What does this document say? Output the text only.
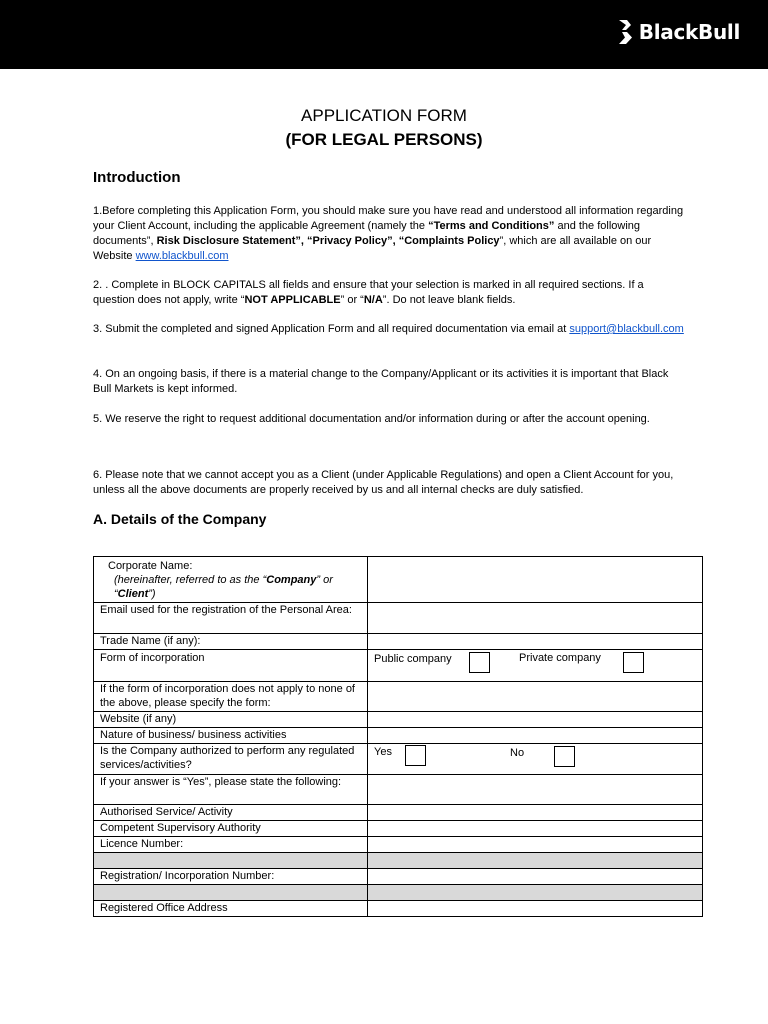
BlackBull
APPLICATION FORM
(FOR LEGAL PERSONS)
Introduction
1.Before completing this Application Form, you should make sure you have read and understood all information regarding your Client Account, including the applicable Agreement (namely the “Terms and Conditions” and the following documents”, Risk Disclosure Statement”, “Privacy Policy”, “Complaints Policy”, which are all available on our Website www.blackbull.com
2. . Complete in BLOCK CAPITALS all fields and ensure that your selection is marked in all required sections. If a question does not apply, write “NOT APPLICABLE” or “N/A”. Do not leave blank fields.
3. Submit the completed and signed Application Form and all required documentation via email at support@blackbull.com
4. On an ongoing basis, if there is a material change to the Company/Applicant or its activities it is important that Black Bull Markets is kept informed.
5. We reserve the right to request additional documentation and/or information during or after the account opening.
6. Please note that we cannot accept you as a Client (under Applicable Regulations) and open a Client Account for you, unless all the above documents are properly received by us and all internal checks are duly satisfied.
A. Details of the Company
Corporate Name:
(hereinafter, referred to as the “Company” or “Client”)	

Email used for the registration of the Personal Area:	
Trade Name (if any):	
Form of incorporation	Public company Private company

If the form of incorporation does not apply to none of the above, please specify the form:	
Website (if any)	
Nature of business/ business activities	
Is the Company authorized to perform any regulated services/activities?	Yes No

If your answer is “Yes”, please state the following:	
Authorised Service/ Activity	
Competent Supervisory Authority	
Licence Number:	

Registration/ Incorporation Number:	

Registered Office Address	
